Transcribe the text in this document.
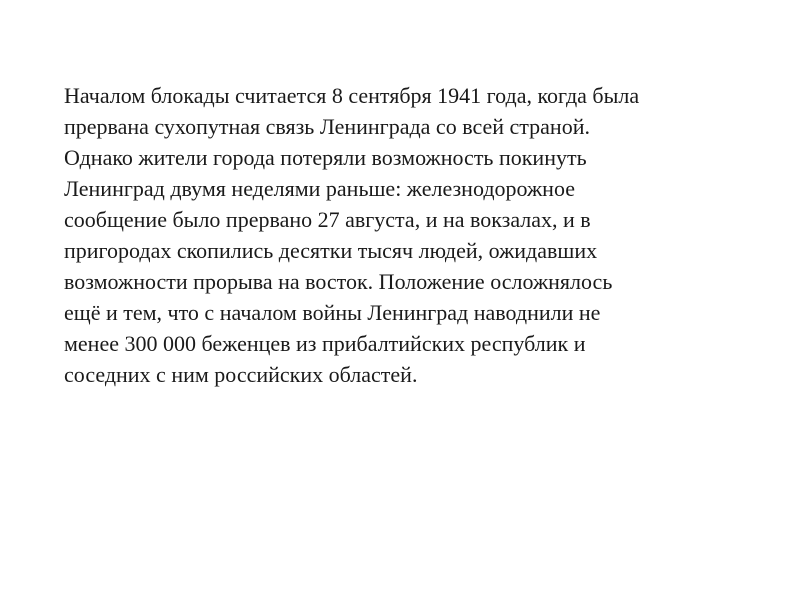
Началом блокады считается 8 сентября 1941 года, когда была
прервана сухопутная связь Ленинграда со всей страной.
Однако жители города потеряли возможность покинуть
Ленинград двумя неделями раньше: железнодорожное
сообщение было прервано 27 августа, и на вокзалах, и в
пригородах скопились десятки тысяч людей, ожидавших
возможности прорыва на восток. Положение осложнялось
ещё и тем, что с началом войны Ленинград наводнили не
менее 300 000 беженцев из прибалтийских республик и
соседних с ним российских областей.
